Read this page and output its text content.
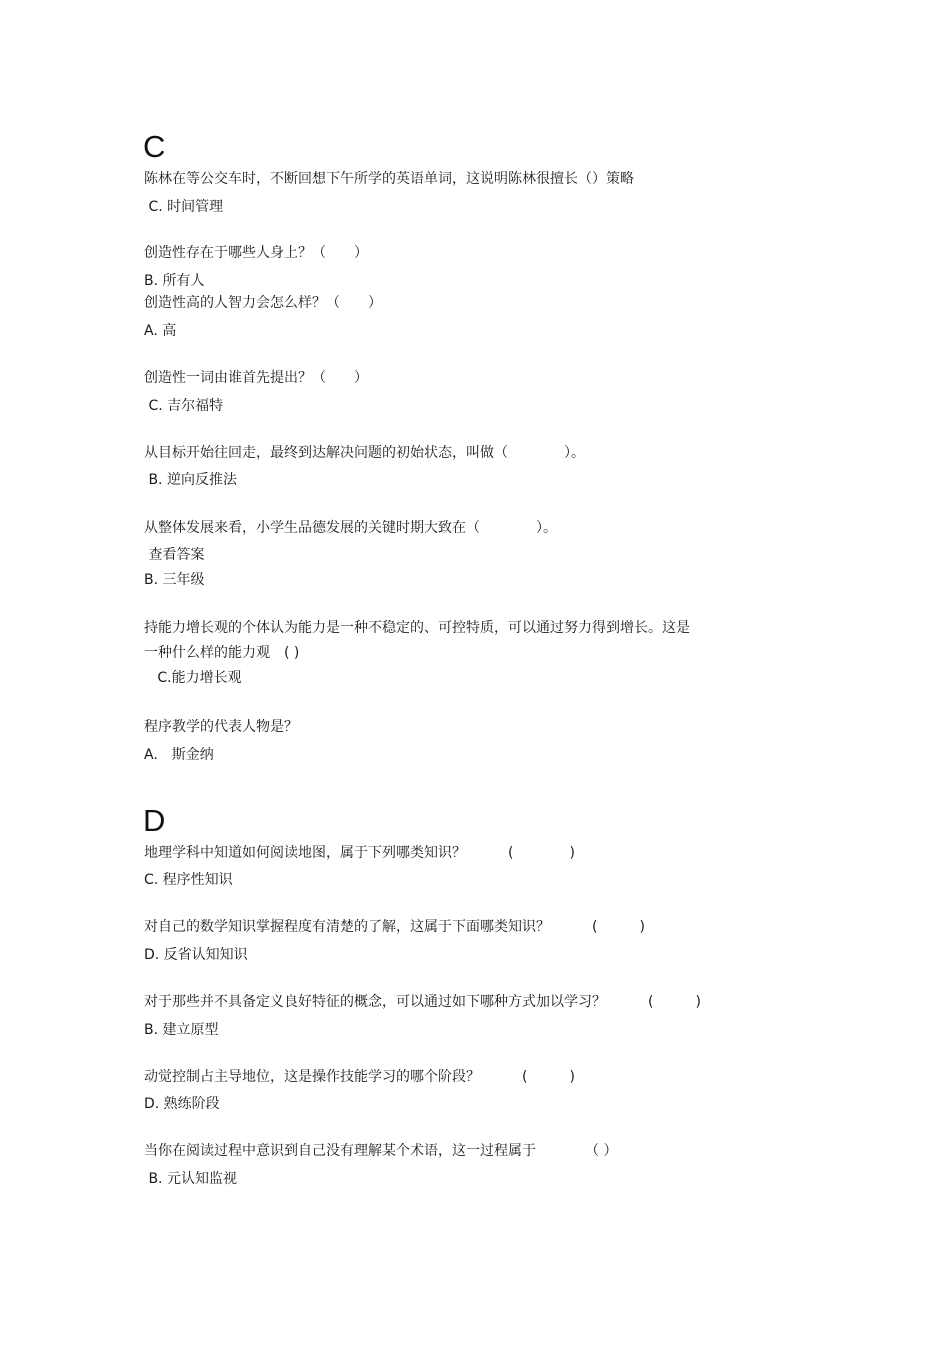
C
陈林在等公交车时，不断回想下午所学的英语单词，这说明陈林很擅长（）策略
C. 时间管理
创造性存在于哪些人身上？（　　）
B. 所有人
创造性高的人智力会怎么样？（　　）
A. 高
创造性一词由谁首先提出？（　　）
C. 吉尔福特
从目标开始往回走，最终到达解决问题的初始状态，叫做（　　　　）。
B. 逆向反推法
从整体发展来看，小学生品德发展的关键时期大致在（　　　　）。
查看答案
B. 三年级
持能力增长观的个体认为能力是一种不稳定的、可控特质，可以通过努力得到增长。这是
一种什么样的能力观　( )
C.能力增长观
程序教学的代表人物是？
A.　斯金纳
D
地理学科中知道如何阅读地图，属于下列哪类知识？　　　(　　　　)
C. 程序性知识
对自己的数学知识掌握程度有清楚的了解，这属于下面哪类知识？　　　(　　　)
D. 反省认知知识
对于那些并不具备定义良好特征的概念，可以通过如下哪种方式加以学习？　　　(　　　)
B. 建立原型
动觉控制占主导地位，这是操作技能学习的哪个阶段？　　　(　　　)
D. 熟练阶段
当你在阅读过程中意识到自己没有理解某个术语，这一过程属于　　　　（ ）
B. 元认知监视
